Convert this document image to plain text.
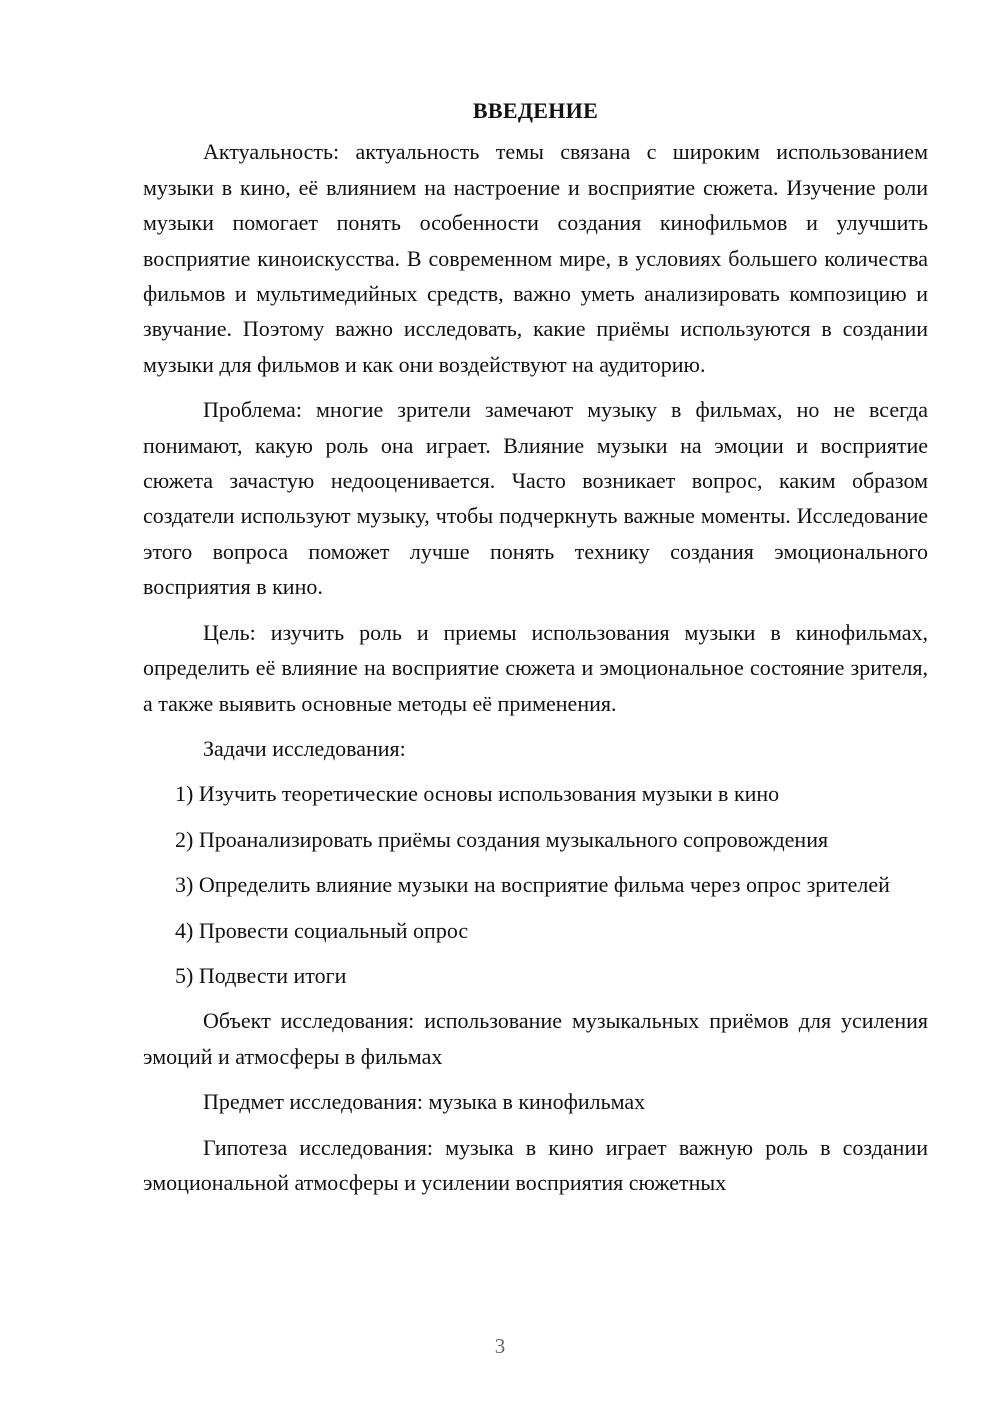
ВВЕДЕНИЕ

Актуальность: актуальность темы связана с широким использованием музыки в кино, её влиянием на настроение и восприятие сюжета. Изучение роли музыки помогает понять особенности создания кинофильмов и улучшить восприятие киноискусства. В современном мире, в условиях большего количества фильмов и мультимедийных средств, важно уметь анализировать композицию и звучание. Поэтому важно исследовать, какие приёмы используются в создании музыки для фильмов и как они воздействуют на аудиторию.

Проблема: многие зрители замечают музыку в фильмах, но не всегда понимают, какую роль она играет. Влияние музыки на эмоции и восприятие сюжета зачастую недооценивается. Часто возникает вопрос, каким образом создатели используют музыку, чтобы подчеркнуть важные моменты. Исследование этого вопроса поможет лучше понять технику создания эмоционального восприятия в кино.

Цель: изучить роль и приемы использования музыки в кинофильмах, определить её влияние на восприятие сюжета и эмоциональное состояние зрителя, а также выявить основные методы её применения.

Задачи исследования:

1) Изучить теоретические основы использования музыки в кино

2) Проанализировать приёмы создания музыкального сопровождения

3) Определить влияние музыки на восприятие фильма через опрос зрителей

4) Провести социальный опрос

5) Подвести итоги

Объект исследования: использование музыкальных приёмов для усиления эмоций и атмосферы в фильмах

Предмет исследования: музыка в кинофильмах

Гипотеза исследования: музыка в кино играет важную роль в создании эмоциональной атмосферы и усилении восприятия сюжетных

3
